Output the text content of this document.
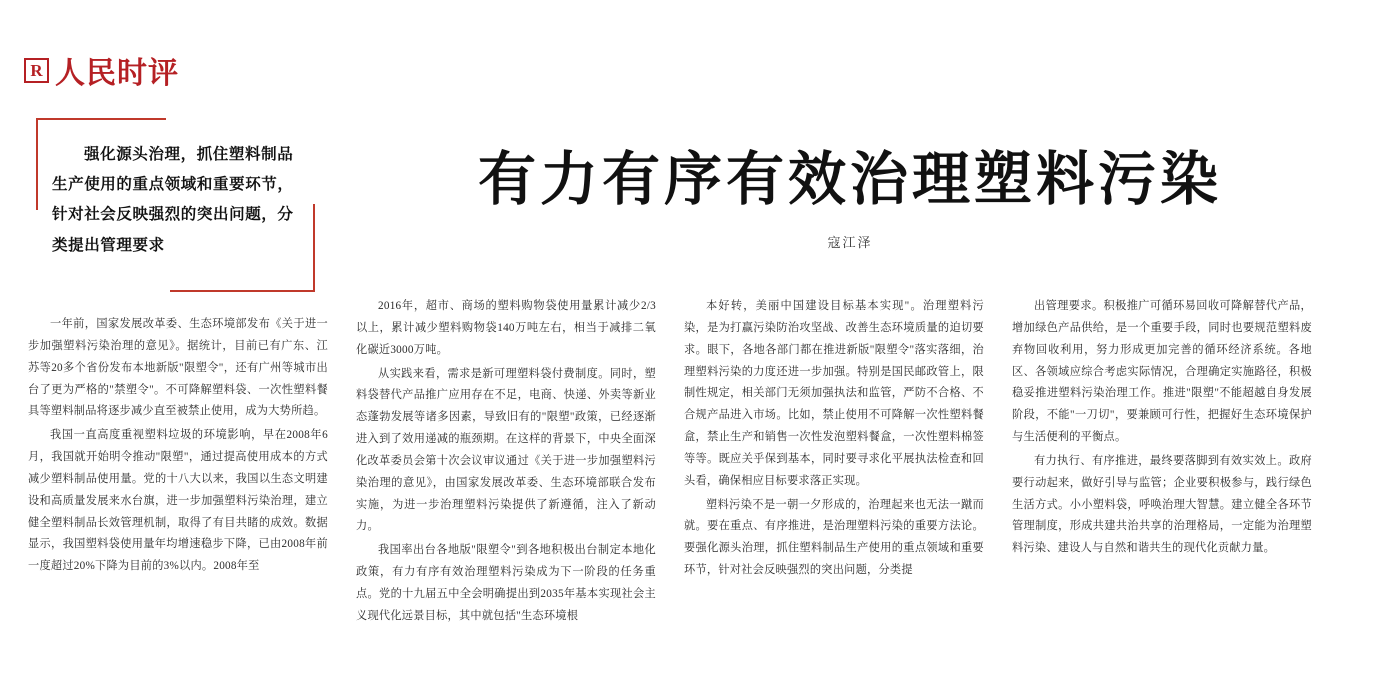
R 人民时评
强化源头治理，抓住塑料制品生产使用的重点领域和重要环节，针对社会反映强烈的突出问题，分类提出管理要求
有力有序有效治理塑料污染
寇江泽

一年前，国家发展改革委、生态环境部发布《关于进一步加强塑料污染治理的意见》。据统计，目前已有广东、江苏等20多个省份发布本地新版"限塑令"，还有广州等城市出台了更为严格的"禁塑令"。不可降解塑料袋、一次性塑料餐具等塑料制品将逐步减少直至被禁止使用，成为大势所趋。

我国一直高度重视塑料垃圾的环境影响，早在2008年6月，我国就开始明令推动"限塑"，通过提高使用成本的方式减少塑料制品使用量。党的十八大以来，我国以生态文明建设和高质量发展来水台旗，进一步加强塑料污染治理，建立健全塑料制品长效管理机制，取得了有目共睹的成效。数据显示，我国塑料袋使用量年均增速稳步下降，已由2008年前一度超过20%下降为目前的3%以内。2008年至

2016年，超市、商场的塑料购物袋使用量累计减少2/3以上，累计减少塑料购物袋140万吨左右，相当于减排二氧化碳近3000万吨。

从实践来看，需求是新可理塑料袋付费制度。同时，塑料袋替代产品推广应用存在不足，电商、快递、外卖等新业态蓬勃发展等诸多因素，导致旧有的"限塑"政策，已经逐渐进入到了效用递减的瓶颈期。在这样的背景下，中央全面深化改革委员会第十次会议审议通过《关于进一步加强塑料污染治理的意见》，由国家发展改革委、生态环境部联合发布实施，为进一步治理塑料污染提供了新遵循，注入了新动力。

我国率出台各地版"限塑令"到各地积极出台制定本地化政策，有力有序有效治理塑料污染成为下一阶段的任务重点。党的十九届五中全会明确提出到2035年基本实现社会主义现代化远景目标，其中就包括"生态环境根

本好转，美丽中国建设目标基本实现"。治理塑料污染，是为打赢污染防治攻坚战、改善生态环境质量的迫切要求。眼下，各地各部门都在推进新版"限塑令"落实落细，治理塑料污染的力度还进一步加强。特别是国民邮政管上，限制性规定，相关部门无须加强执法和监管，严防不合格、不合规产品进入市场。比如，禁止使用不可降解一次性塑料餐盒，禁止生产和销售一次性发泡塑料餐盒，一次性塑料棉签等等。既应关乎保到基本，同时要寻求化平展执法检查和回头看，确保相应目标要求落正实现。

塑料污染不是一朝一夕形成的，治理起来也无法一蹴而就。要在重点、有序推进，是治理塑料污染的重要方法论。要强化源头治理，抓住塑料制品生产使用的重点领域和重要环节，针对社会反映强烈的突出问题，分类提

出管理要求。积极推广可循环易回收可降解替代产品，增加绿色产品供给，是一个重要手段，同时也要规范塑料废弃物回收利用，努力形成更加完善的循环经济系统。各地区、各领域应综合考虑实际情况，合理确定实施路径，积极稳妥推进塑料污染治理工作。推进"限塑"不能超越自身发展阶段，不能"一刀切"，要兼顾可行性，把握好生态环境保护与生活便利的平衡点。

有力执行、有序推进，最终要落脚到有效实效上。政府要行动起来，做好引导与监管；企业要积极参与，践行绿色生活方式。小小塑料袋，呼唤治理大智慧。建立健全各环节管理制度，形成共建共治共享的治理格局，一定能为治理塑料污染、建设人与自然和谐共生的现代化贡献力量。
